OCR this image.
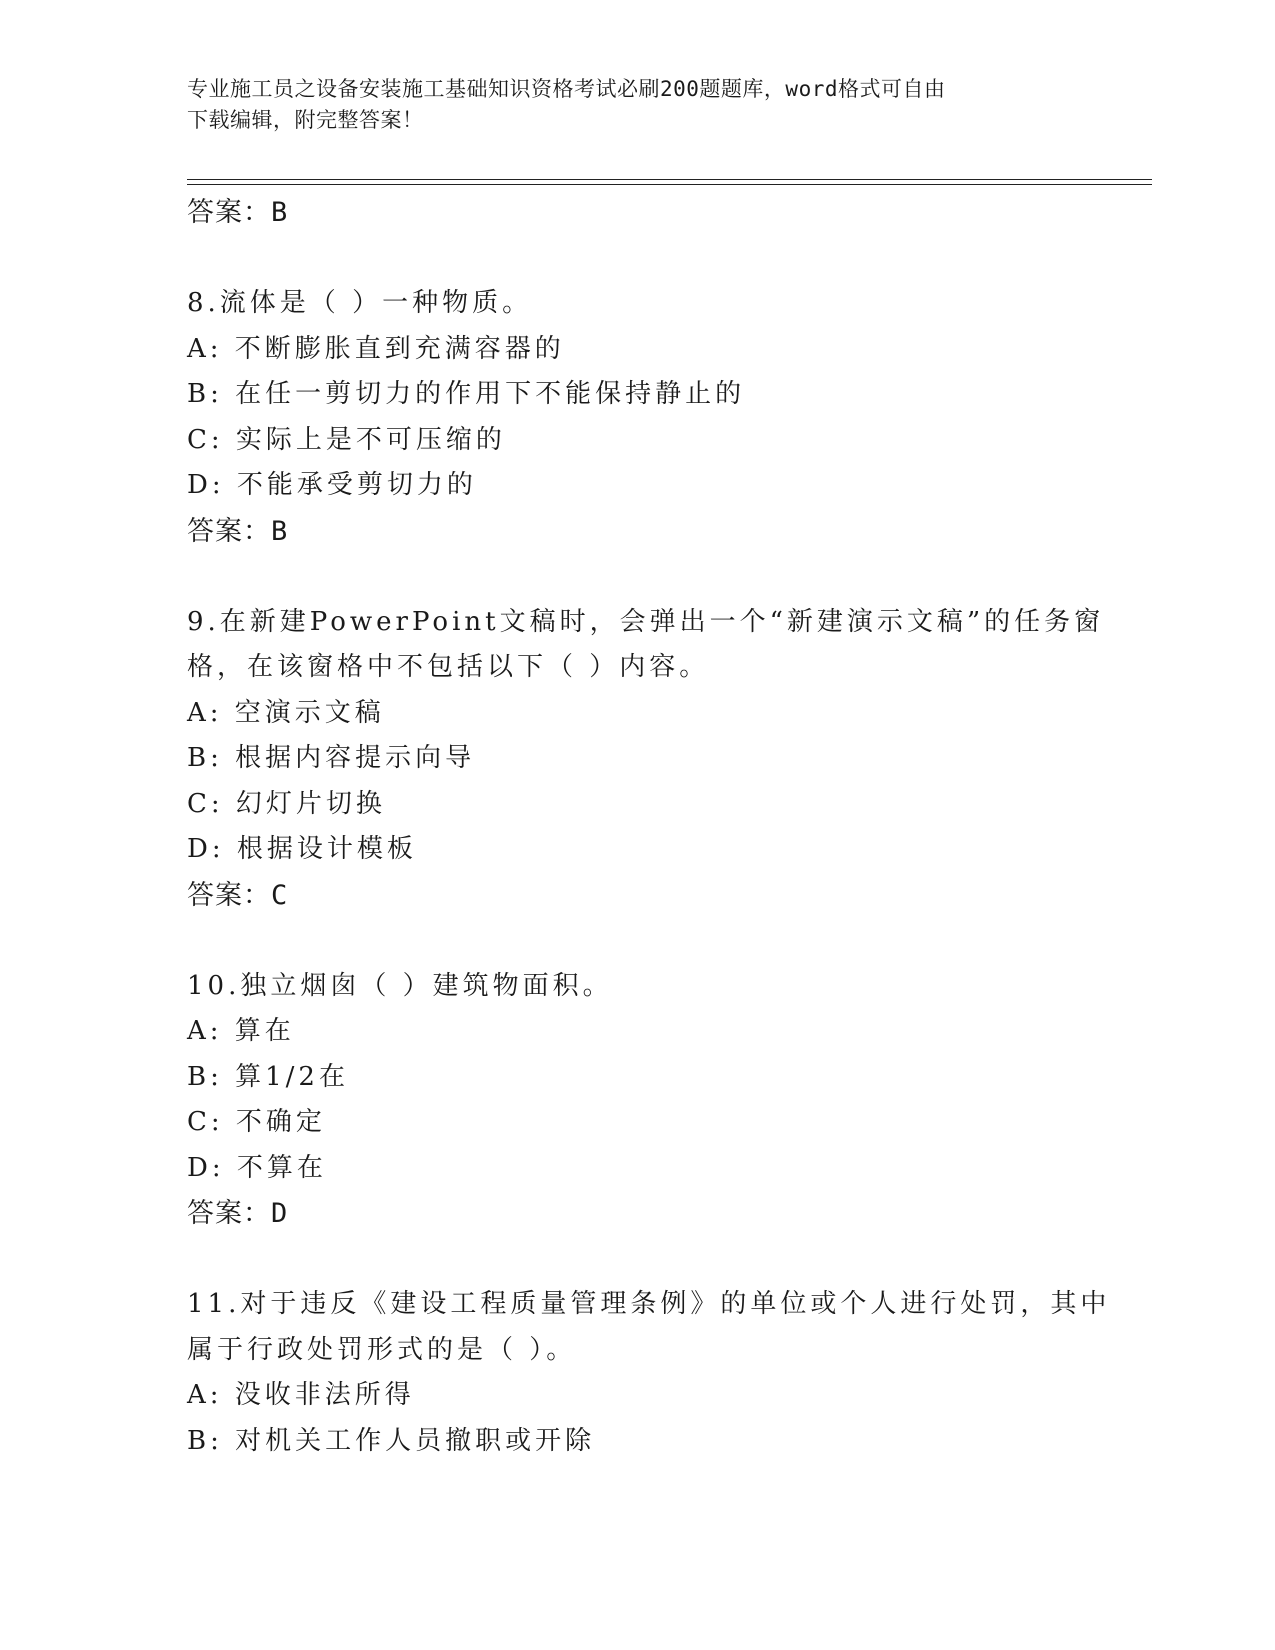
专业施工员之设备安装施工基础知识资格考试必刷200题题库，word格式可自由
下载编辑，附完整答案！
答案：B
8.流体是（ ）一种物质。
A: 不断膨胀直到充满容器的
B: 在任一剪切力的作用下不能保持静止的
C: 实际上是不可压缩的
D: 不能承受剪切力的
答案：B
9.在新建PowerPoint文稿时，会弹出一个“新建演示文稿”的任务窗
格，在该窗格中不包括以下（ ）内容。
A: 空演示文稿
B: 根据内容提示向导
C: 幻灯片切换
D: 根据设计模板
答案：C
10.独立烟囱（ ）建筑物面积。
A: 算在
B: 算1/2在
C: 不确定
D: 不算在
答案：D
11.对于违反《建设工程质量管理条例》的单位或个人进行处罚，其中
属于行政处罚形式的是（ ）。
A: 没收非法所得
B: 对机关工作人员撤职或开除
